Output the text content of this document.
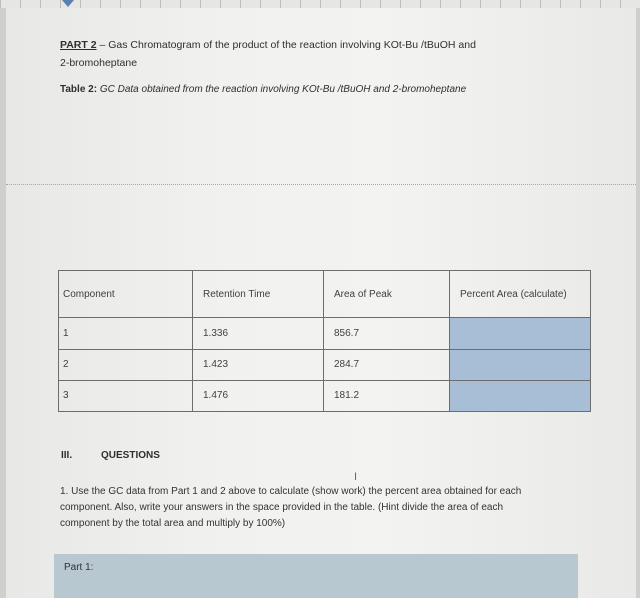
PART 2 – Gas Chromatogram of the product of the reaction involving KOt-Bu /tBuOH and
2-bromoheptane
Table 2: GC Data obtained from the reaction involving KOt-Bu /tBuOH and 2-bromoheptane
Component	Retention Time	Area of Peak	Percent Area (calculate)
1	1.336	856.7	
2	1.423	284.7	
3	1.476	181.2	
III.	QUESTIONS
I
1. Use the GC data from Part 1 and 2 above to calculate (show work) the percent area obtained for each
component. Also, write your answers in the space provided in the table. (Hint divide the area of each
component by the total area and multiply by 100%)
Part 1:
